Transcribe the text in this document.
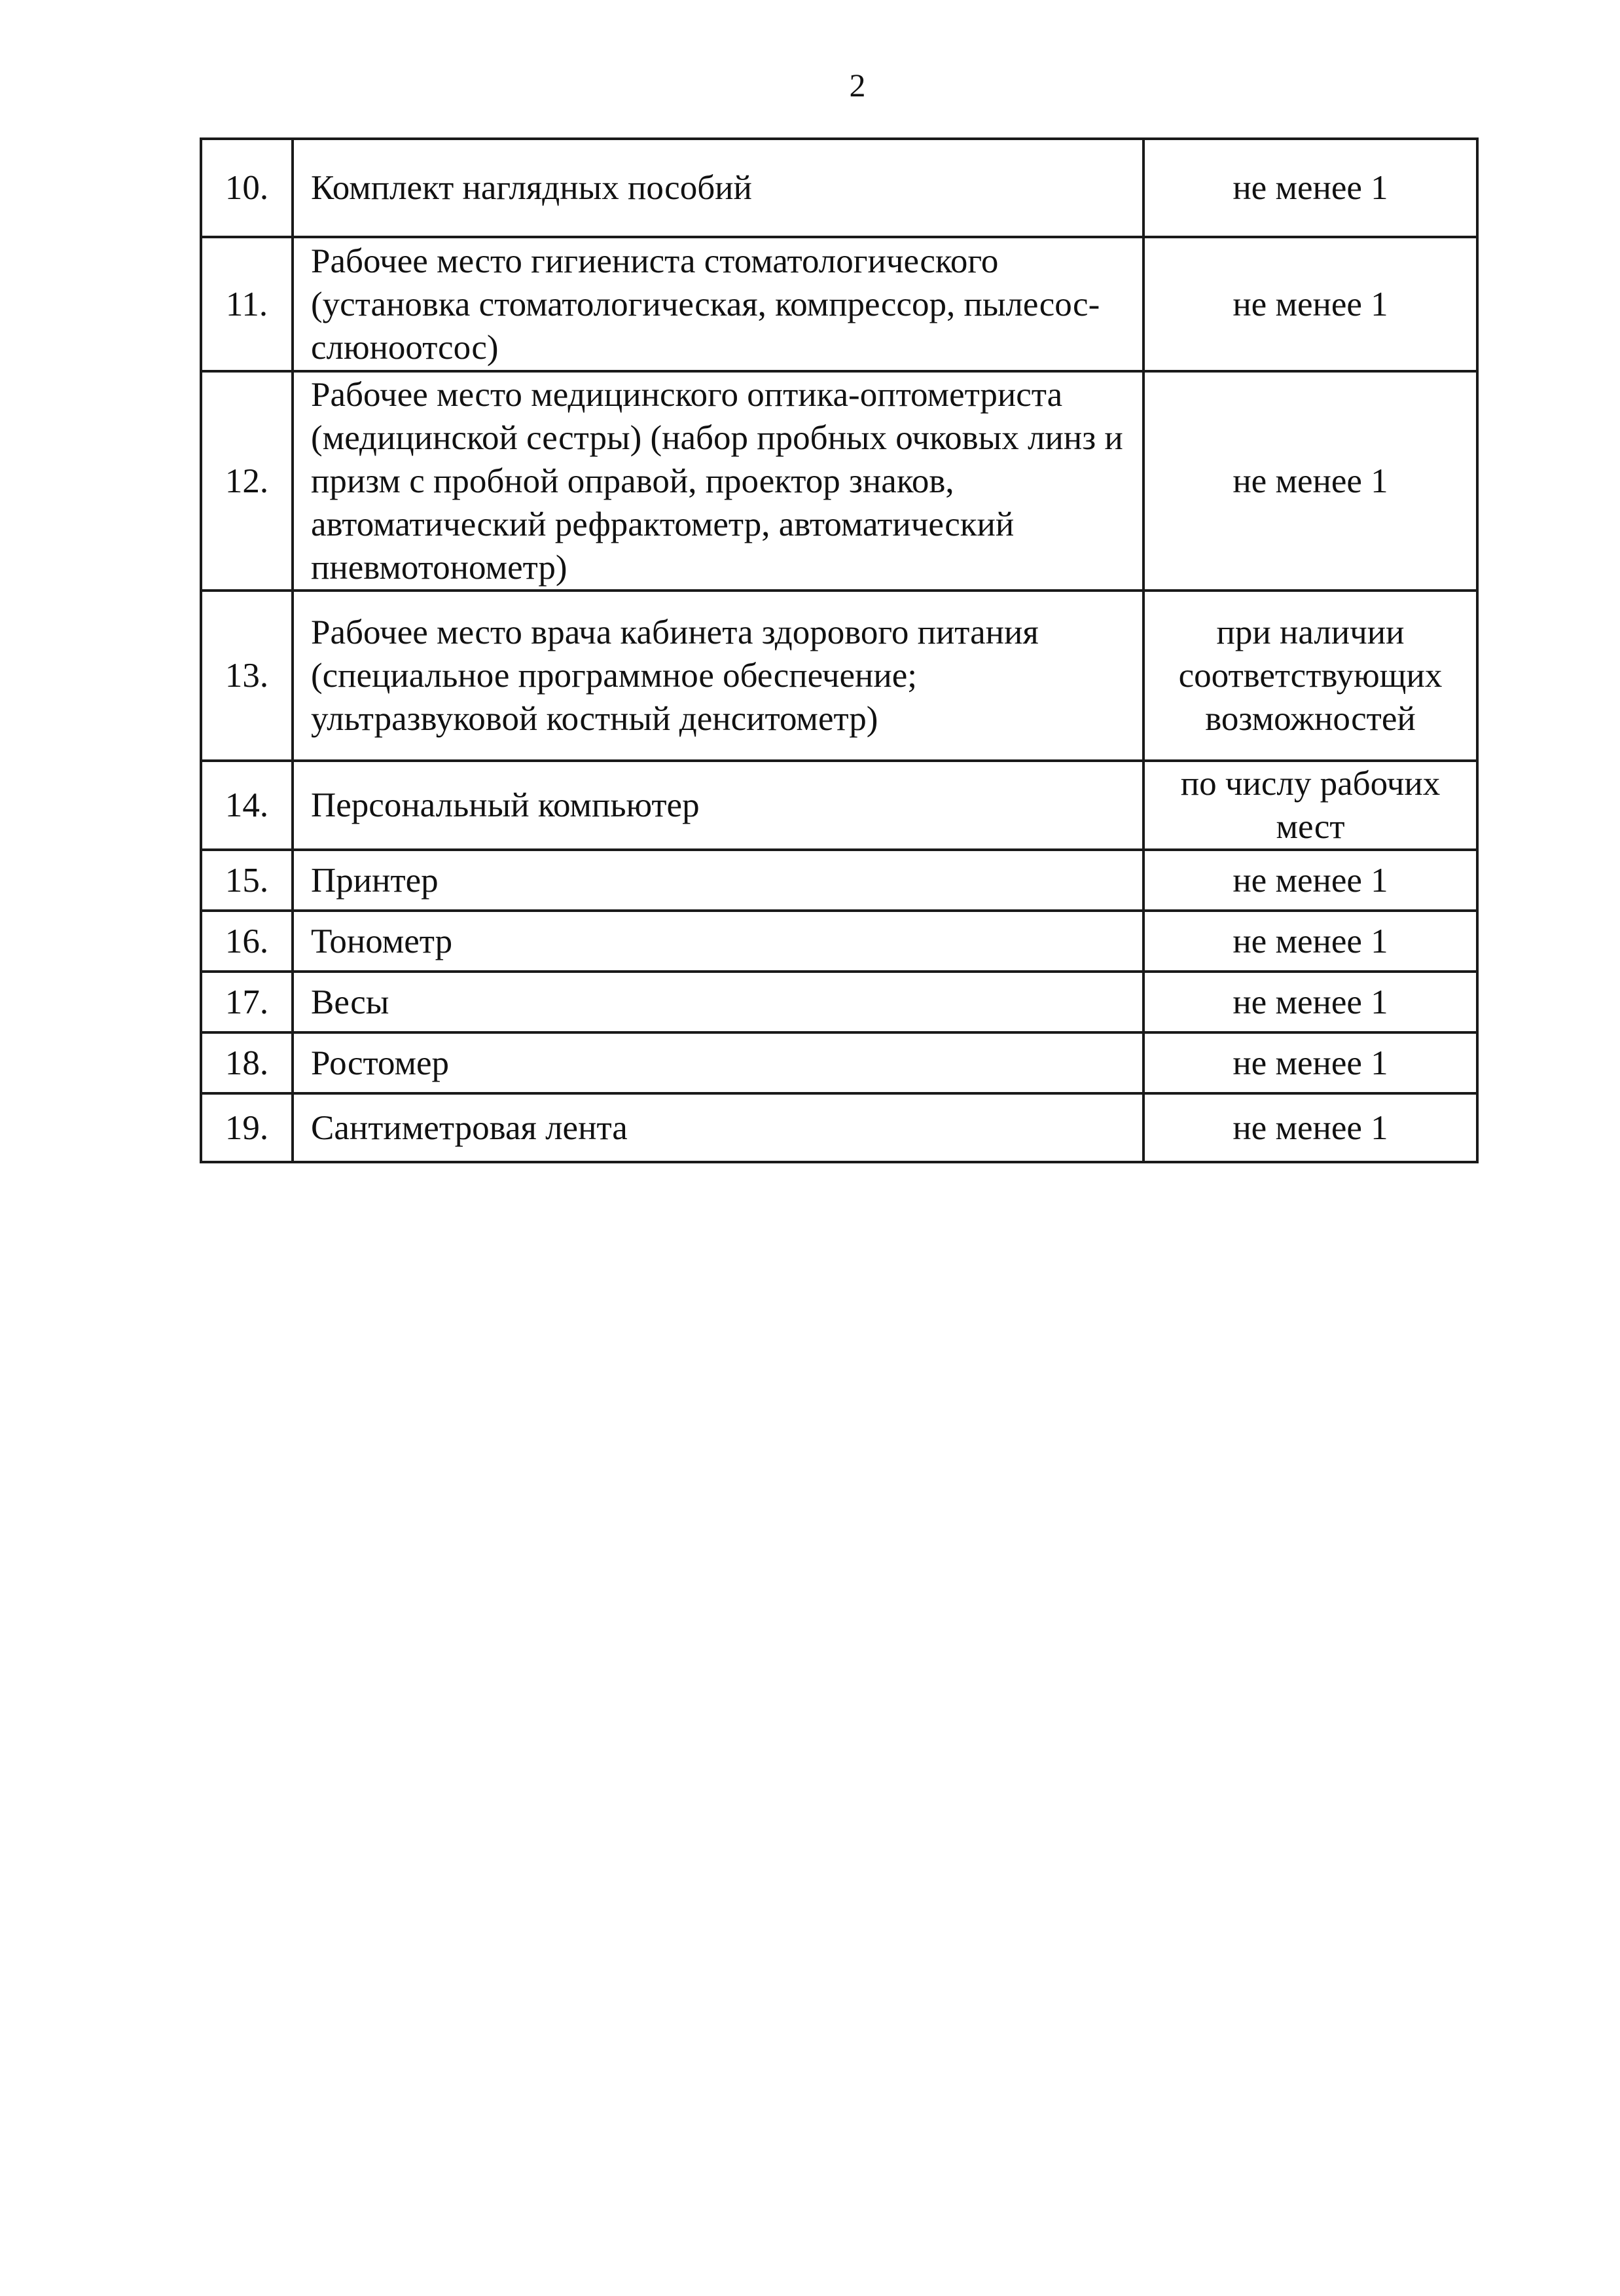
2
10.	Комплект наглядных пособий	не менее 1
11.	Рабочее место гигиениста стоматологического (установка стоматологическая, компрессор, пылесос-слюноотсос)	не менее 1
12.	Рабочее место медицинского оптика-оптометриста (медицинской сестры) (набор пробных очковых линз и призм с пробной оправой, проектор знаков, автоматический рефрактометр, автоматический пневмотонометр)	не менее 1
13.	Рабочее место врача кабинета здорового питания (специальное программное обеспечение; ультразвуковой костный денситометр)	при наличии соответствующих возможностей
14.	Персональный компьютер	по числу рабочих мест
15.	Принтер	не менее 1
16.	Тонометр	не менее 1
17.	Весы	не менее 1
18.	Ростомер	не менее 1
19.	Сантиметровая лента	не менее 1
